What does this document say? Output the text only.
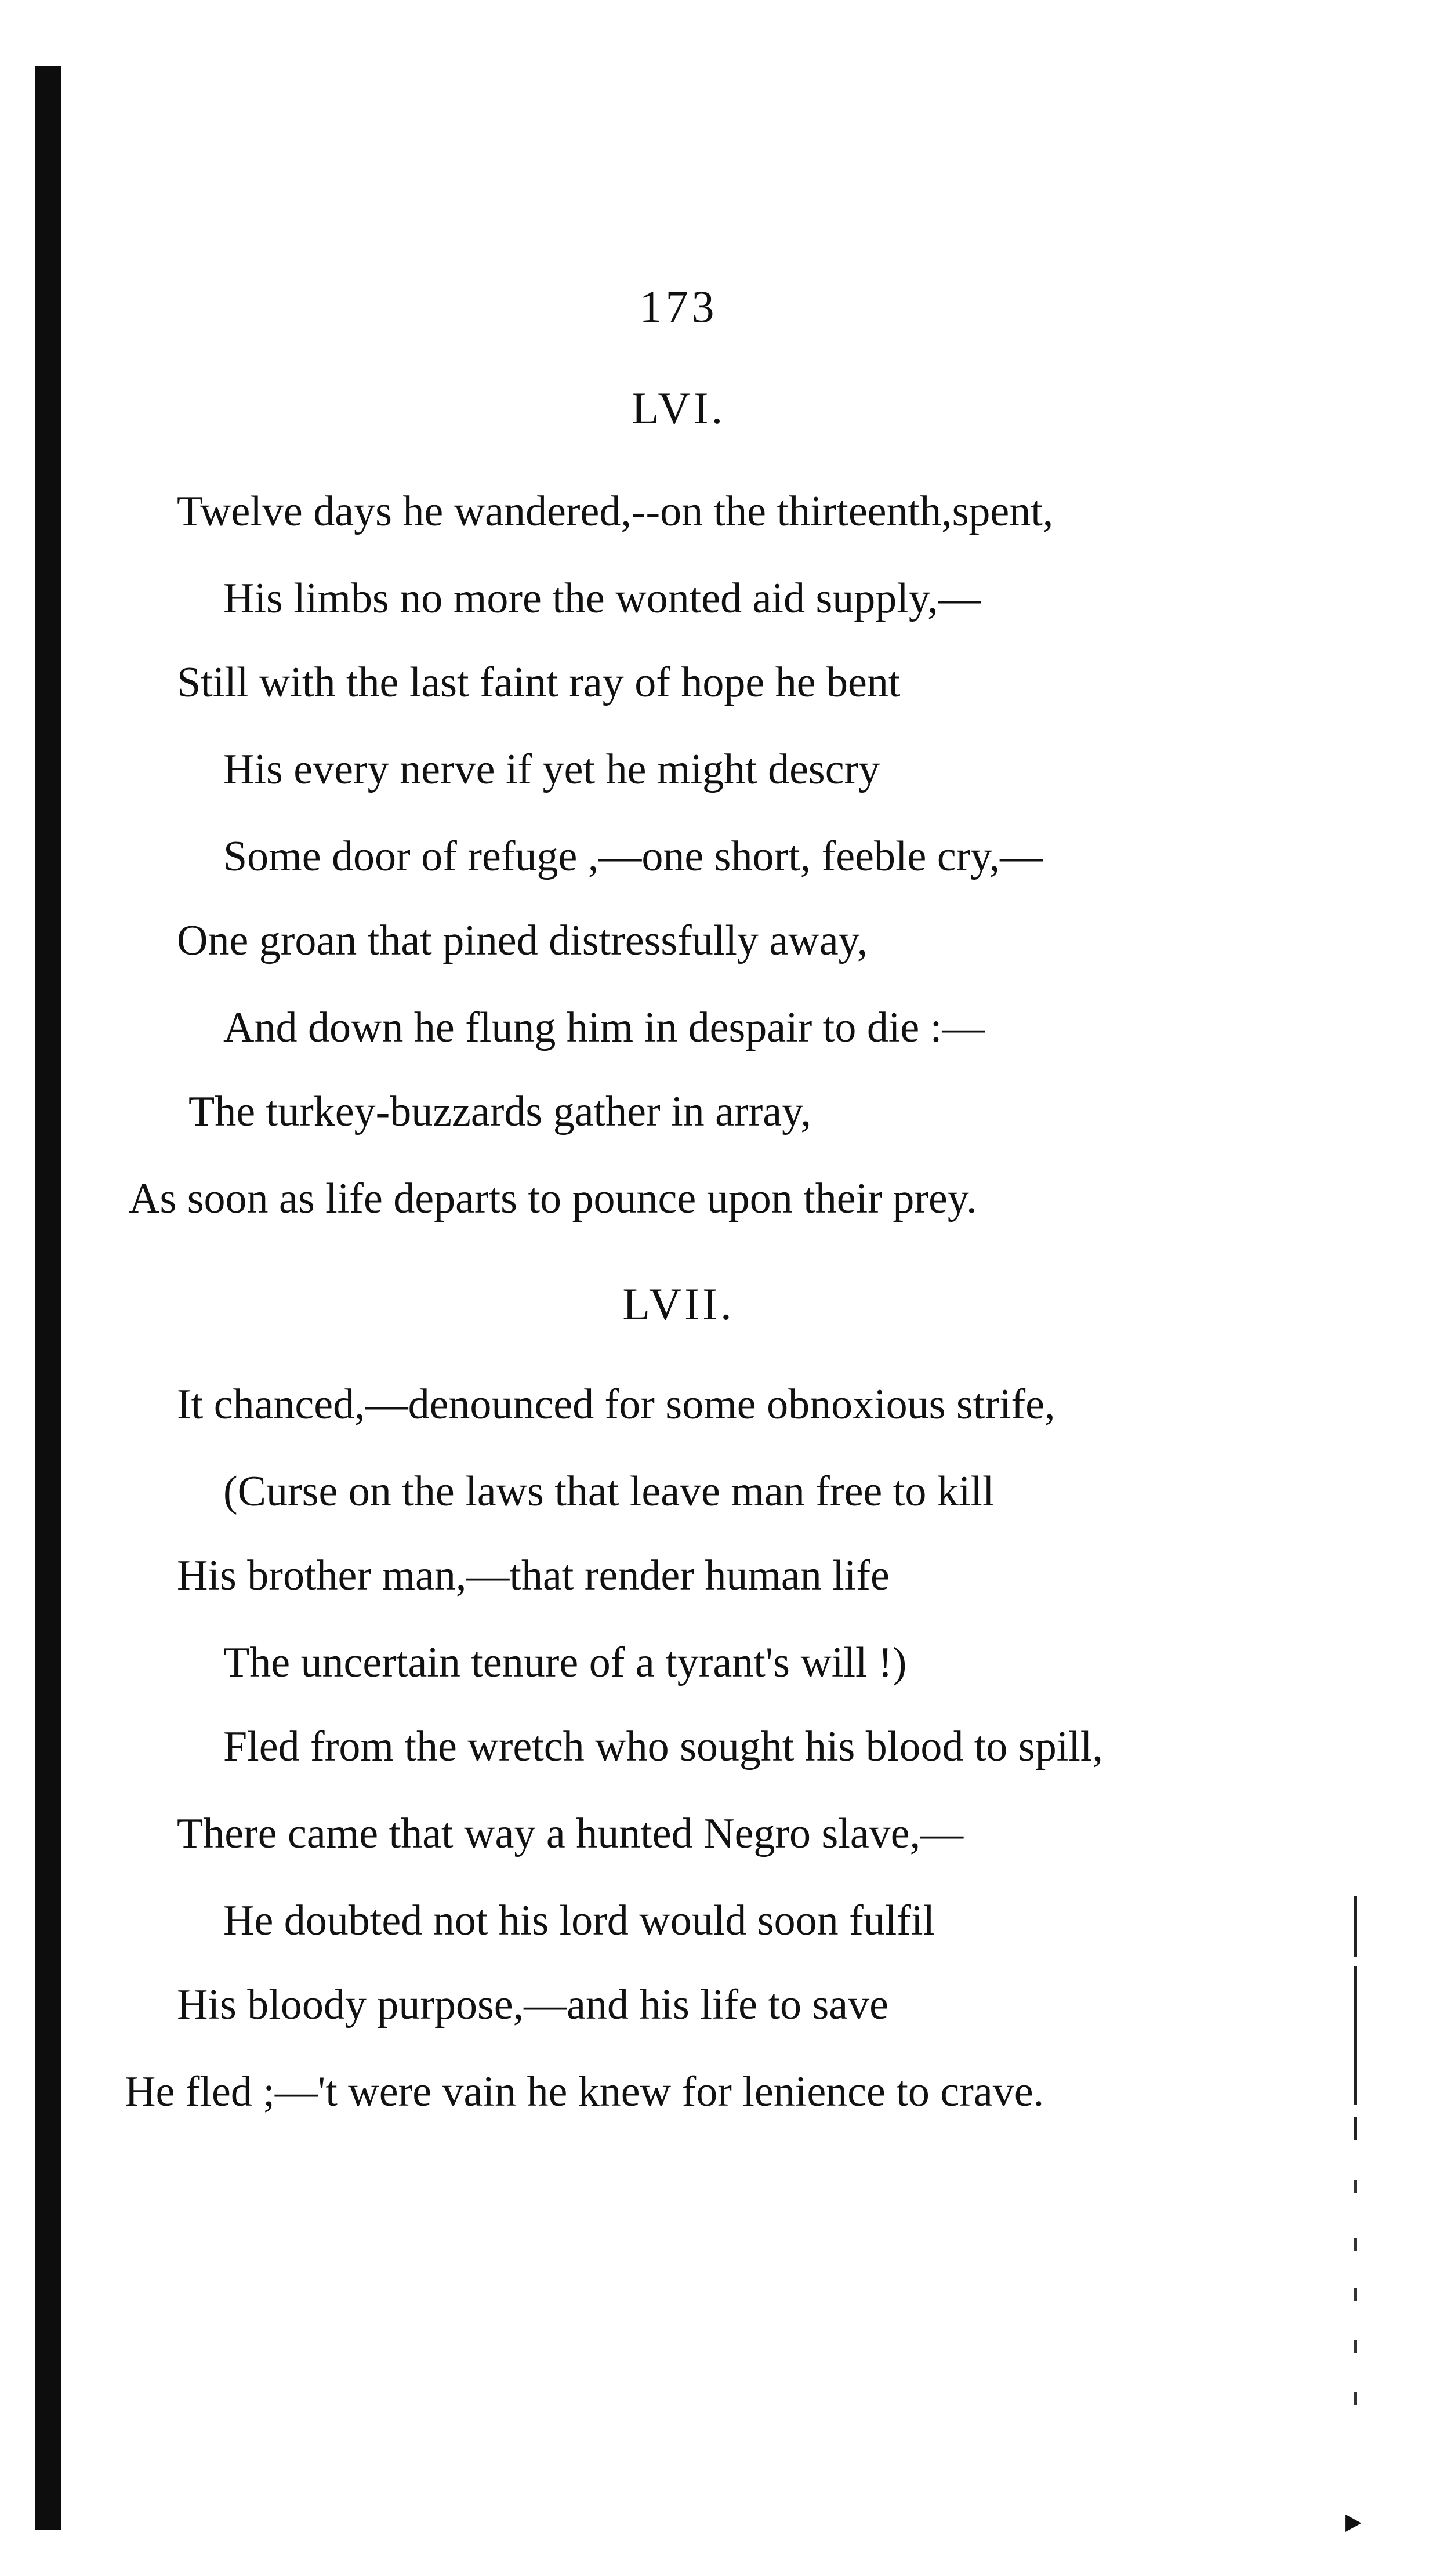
‣
173
LVI.
Twelve days he wandered,--on the thirteenth,spent,
His limbs no more the wonted aid supply,—
Still with the last faint ray of hope he bent
His every nerve if yet he might descry
Some door of refuge ,—one short, feeble cry,—
One groan that pined distressfully away,
And down he flung him in despair to die :—
The turkey-buzzards gather in array,
As soon as life departs to pounce upon their prey.
LVII.
It chanced,—denounced for some obnoxious strife,
(Curse on the laws that leave man free to kill
His brother man,—that render human life
The uncertain tenure of a tyrant's will !)
Fled from the wretch who sought his blood to spill,
There came that way a hunted Negro slave,—
He doubted not his lord would soon fulfil
His bloody purpose,—and his life to save
He fled ;—'t were vain he knew for lenience to crave.
